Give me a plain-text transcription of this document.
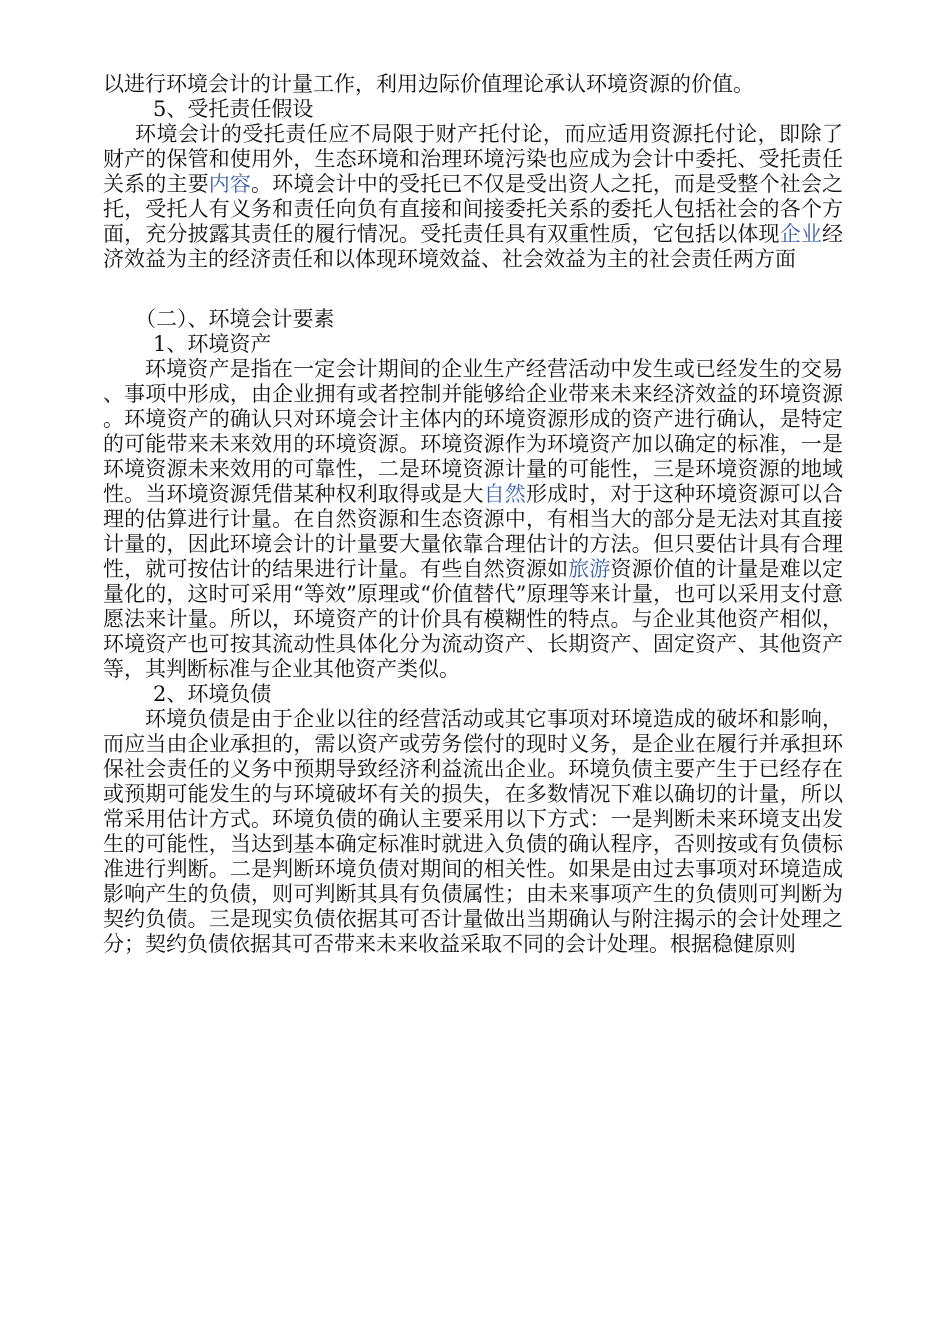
以进行环境会计的计量工作，利用边际价值理论承认环境资源的价值。

5、受托责任假设

环境会计的受托责任应不局限于财产托付论，而应适用资源托付论，即除了财产的保管和使用外，生态环境和治理环境污染也应成为会计中委托、受托责任关系的主要内容。环境会计中的受托已不仅是受出资人之托，而是受整个社会之托，受托人有义务和责任向负有直接和间接委托关系的委托人包括社会的各个方面，充分披露其责任的履行情况。受托责任具有双重性质，它包括以体现企业经济效益为主的经济责任和以体现环境效益、社会效益为主的社会责任两方面

（二）、环境会计要素

1、环境资产

环境资产是指在一定会计期间的企业生产经营活动中发生或已经发生的交易、事项中形成，由企业拥有或者控制并能够给企业带来未来经济效益的环境资源。环境资产的确认只对环境会计主体内的环境资源形成的资产进行确认，是特定的可能带来未来效用的环境资源。环境资源作为环境资产加以确定的标准，一是环境资源未来效用的可靠性，二是环境资源计量的可能性，三是环境资源的地域性。当环境资源凭借某种权利取得或是大自然形成时，对于这种环境资源可以合理的估算进行计量。在自然资源和生态资源中，有相当大的部分是无法对其直接计量的，因此环境会计的计量要大量依靠合理估计的方法。但只要估计具有合理性，就可按估计的结果进行计量。有些自然资源如旅游资源价值的计量是难以定量化的，这时可采用“等效”原理或“价值替代”原理等来计量，也可以采用支付意愿法来计量。所以，环境资产的计价具有模糊性的特点。与企业其他资产相似，环境资产也可按其流动性具体化分为流动资产、长期资产、固定资产、其他资产等，其判断标准与企业其他资产类似。

2、环境负债

环境负债是由于企业以往的经营活动或其它事项对环境造成的破坏和影响，而应当由企业承担的，需以资产或劳务偿付的现时义务，是企业在履行并承担环保社会责任的义务中预期导致经济利益流出企业。环境负债主要产生于已经存在或预期可能发生的与环境破坏有关的损失，在多数情况下难以确切的计量，所以常采用估计方式。环境负债的确认主要采用以下方式：一是判断未来环境支出发生的可能性，当达到基本确定标准时就进入负债的确认程序，否则按或有负债标准进行判断。二是判断环境负债对期间的相关性。如果是由过去事项对环境造成影响产生的负债，则可判断其具有负债属性；由未来事项产生的负债则可判断为契约负债。三是现实负债依据其可否计量做出当期确认与附注揭示的会计处理之分；契约负债依据其可否带来未来收益采取不同的会计处理。根据稳健原则
